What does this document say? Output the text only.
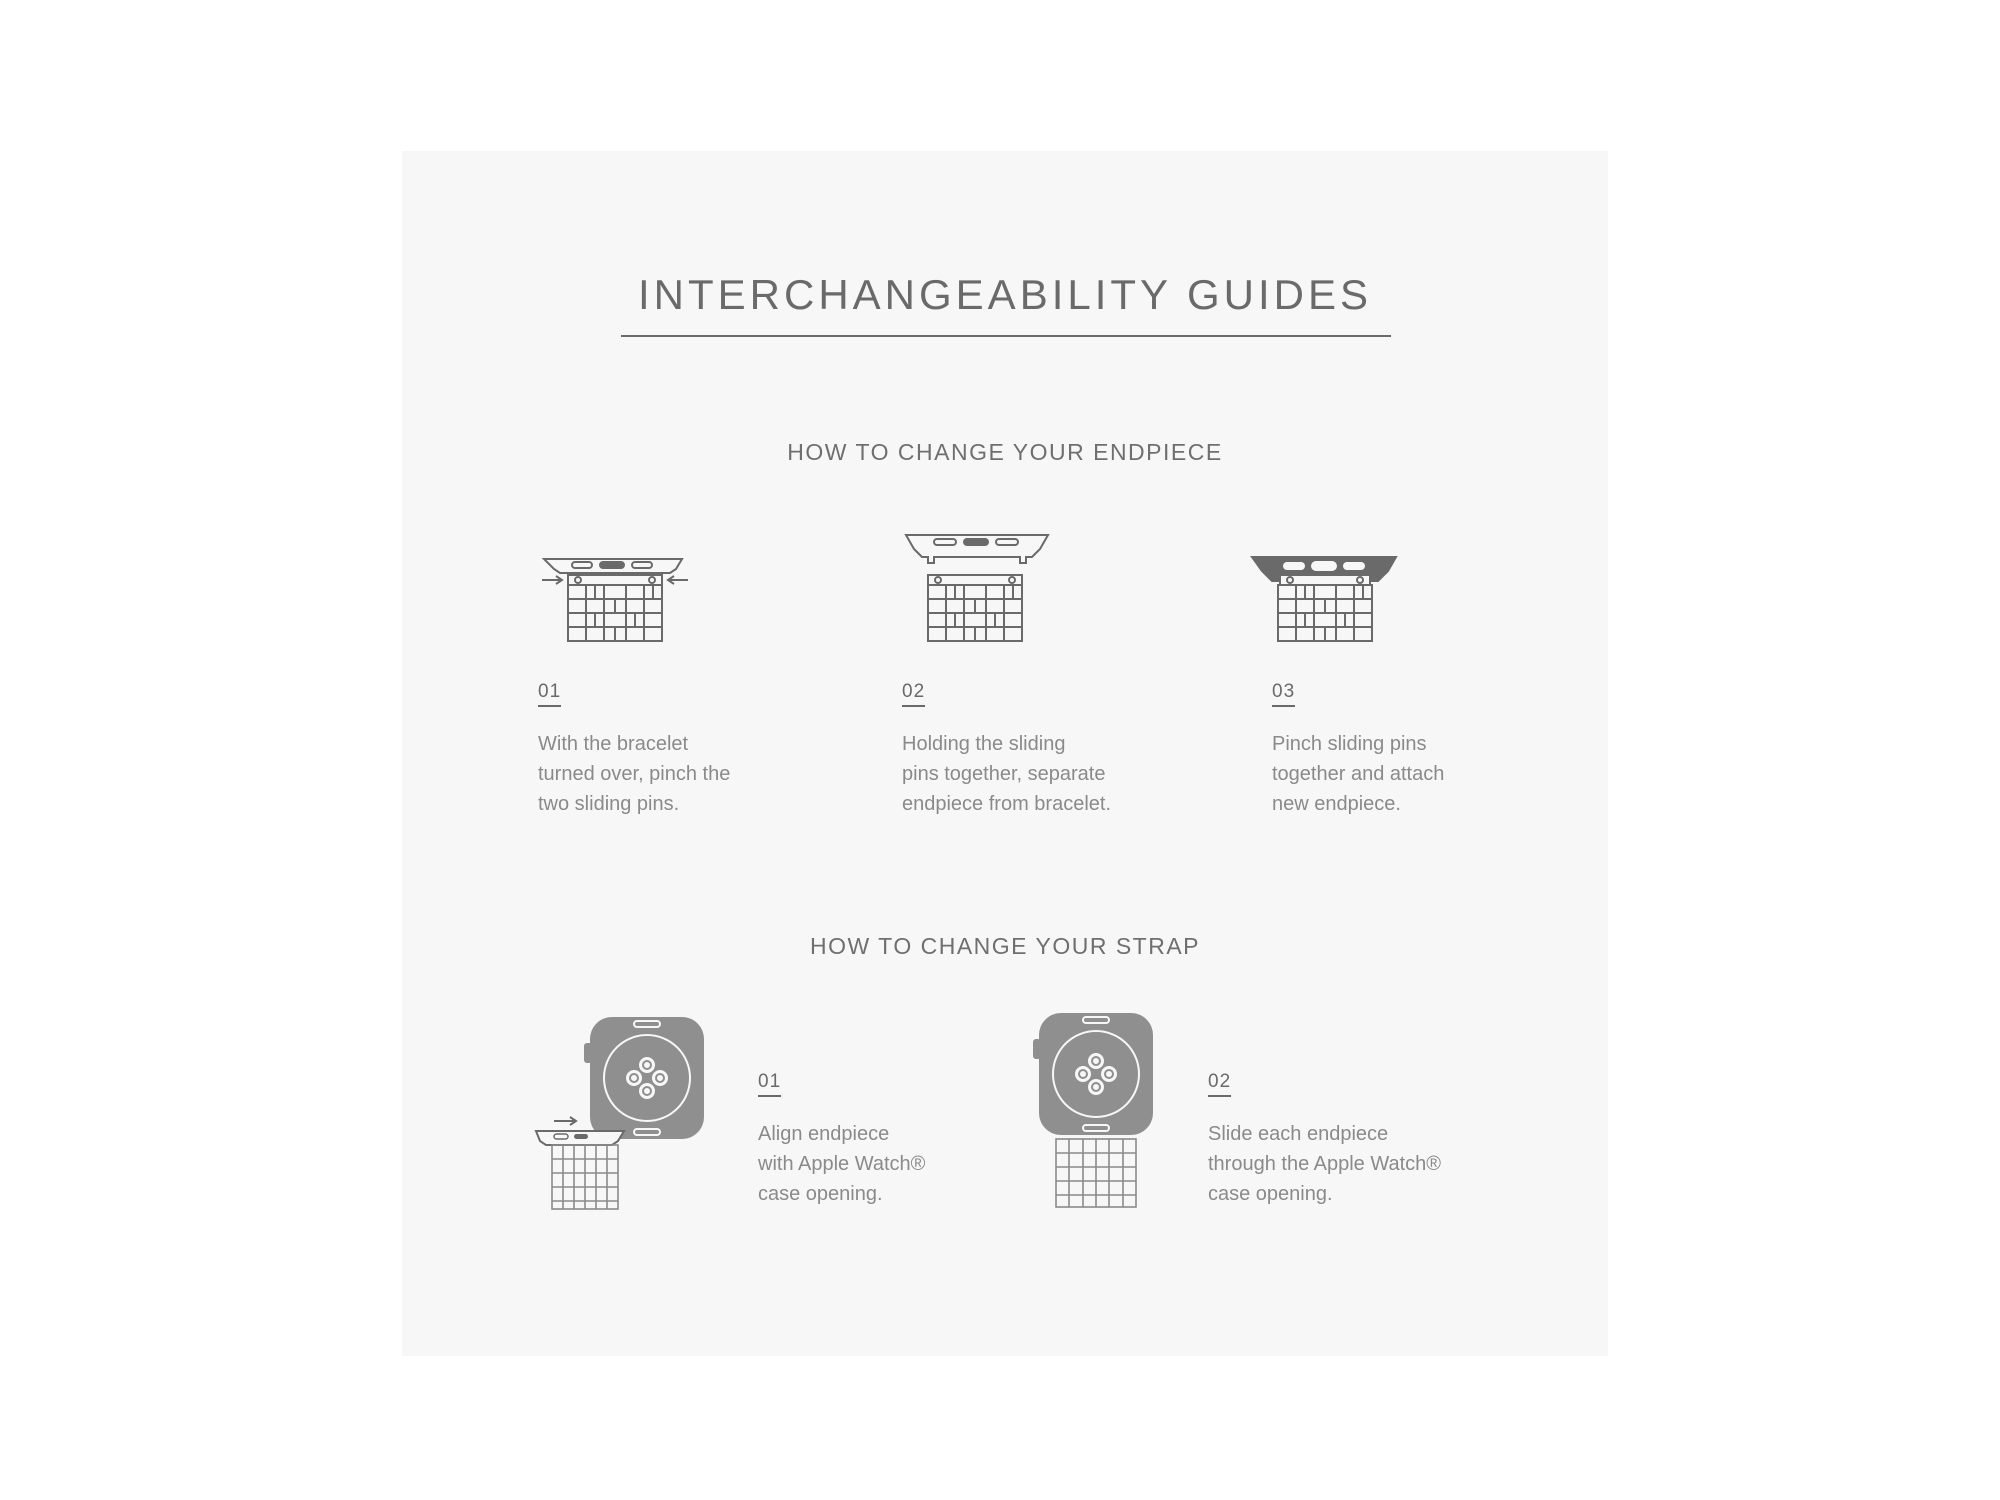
INTERCHANGEABILITY GUIDES
HOW TO CHANGE YOUR ENDPIECE
01
With the bracelet
turned over, pinch the
two sliding pins.
02
Holding the sliding
pins together, separate
endpiece from bracelet.
03
Pinch sliding pins
together and attach
new endpiece.
HOW TO CHANGE YOUR STRAP
01
Align endpiece
with Apple Watch®
case opening.
02
Slide each endpiece
through the Apple Watch®
case opening.
